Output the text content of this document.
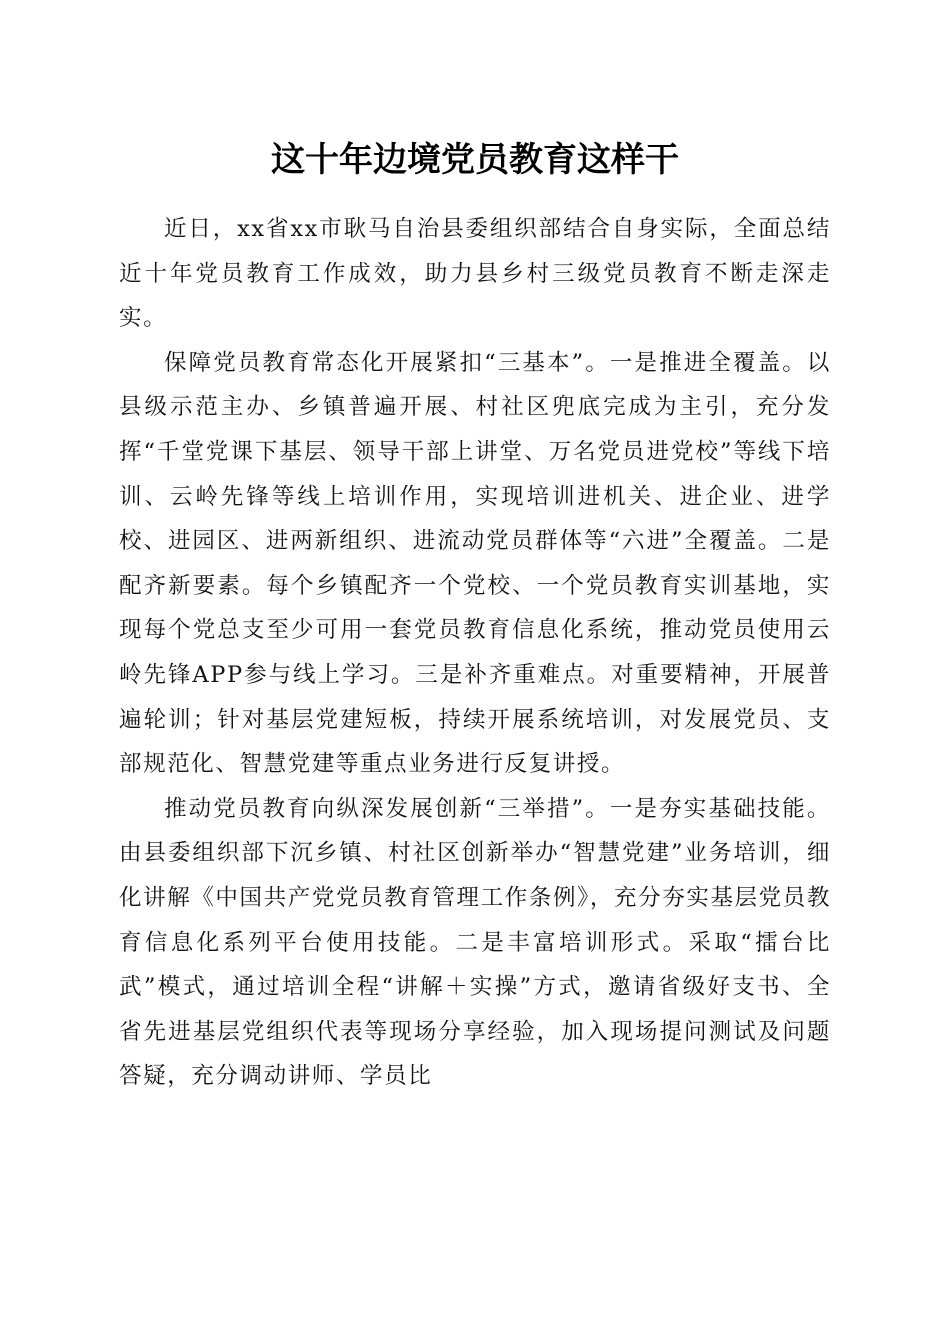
这十年边境党员教育这样干

近日，xx省xx市耿马自治县委组织部结合自身实际，全面总结近十年党员教育工作成效，助力县乡村三级党员教育不断走深走实。

保障党员教育常态化开展紧扣“三基本”。一是推进全覆盖。以县级示范主办、乡镇普遍开展、村社区兜底完成为主引，充分发挥“千堂党课下基层、领导干部上讲堂、万名党员进党校”等线下培训、云岭先锋等线上培训作用，实现培训进机关、进企业、进学校、进园区、进两新组织、进流动党员群体等“六进”全覆盖。二是配齐新要素。每个乡镇配齐一个党校、一个党员教育实训基地，实现每个党总支至少可用一套党员教育信息化系统，推动党员使用云岭先锋APP参与线上学习。三是补齐重难点。对重要精神，开展普遍轮训；针对基层党建短板，持续开展系统培训，对发展党员、支部规范化、智慧党建等重点业务进行反复讲授。

推动党员教育向纵深发展创新“三举措”。一是夯实基础技能。由县委组织部下沉乡镇、村社区创新举办“智慧党建”业务培训，细化讲解《中国共产党党员教育管理工作条例》，充分夯实基层党员教育信息化系列平台使用技能。二是丰富培训形式。采取“擂台比武”模式，通过培训全程“讲解＋实操”方式，邀请省级好支书、全省先进基层党组织代表等现场分享经验，加入现场提问测试及问题答疑，充分调动讲师、学员比
